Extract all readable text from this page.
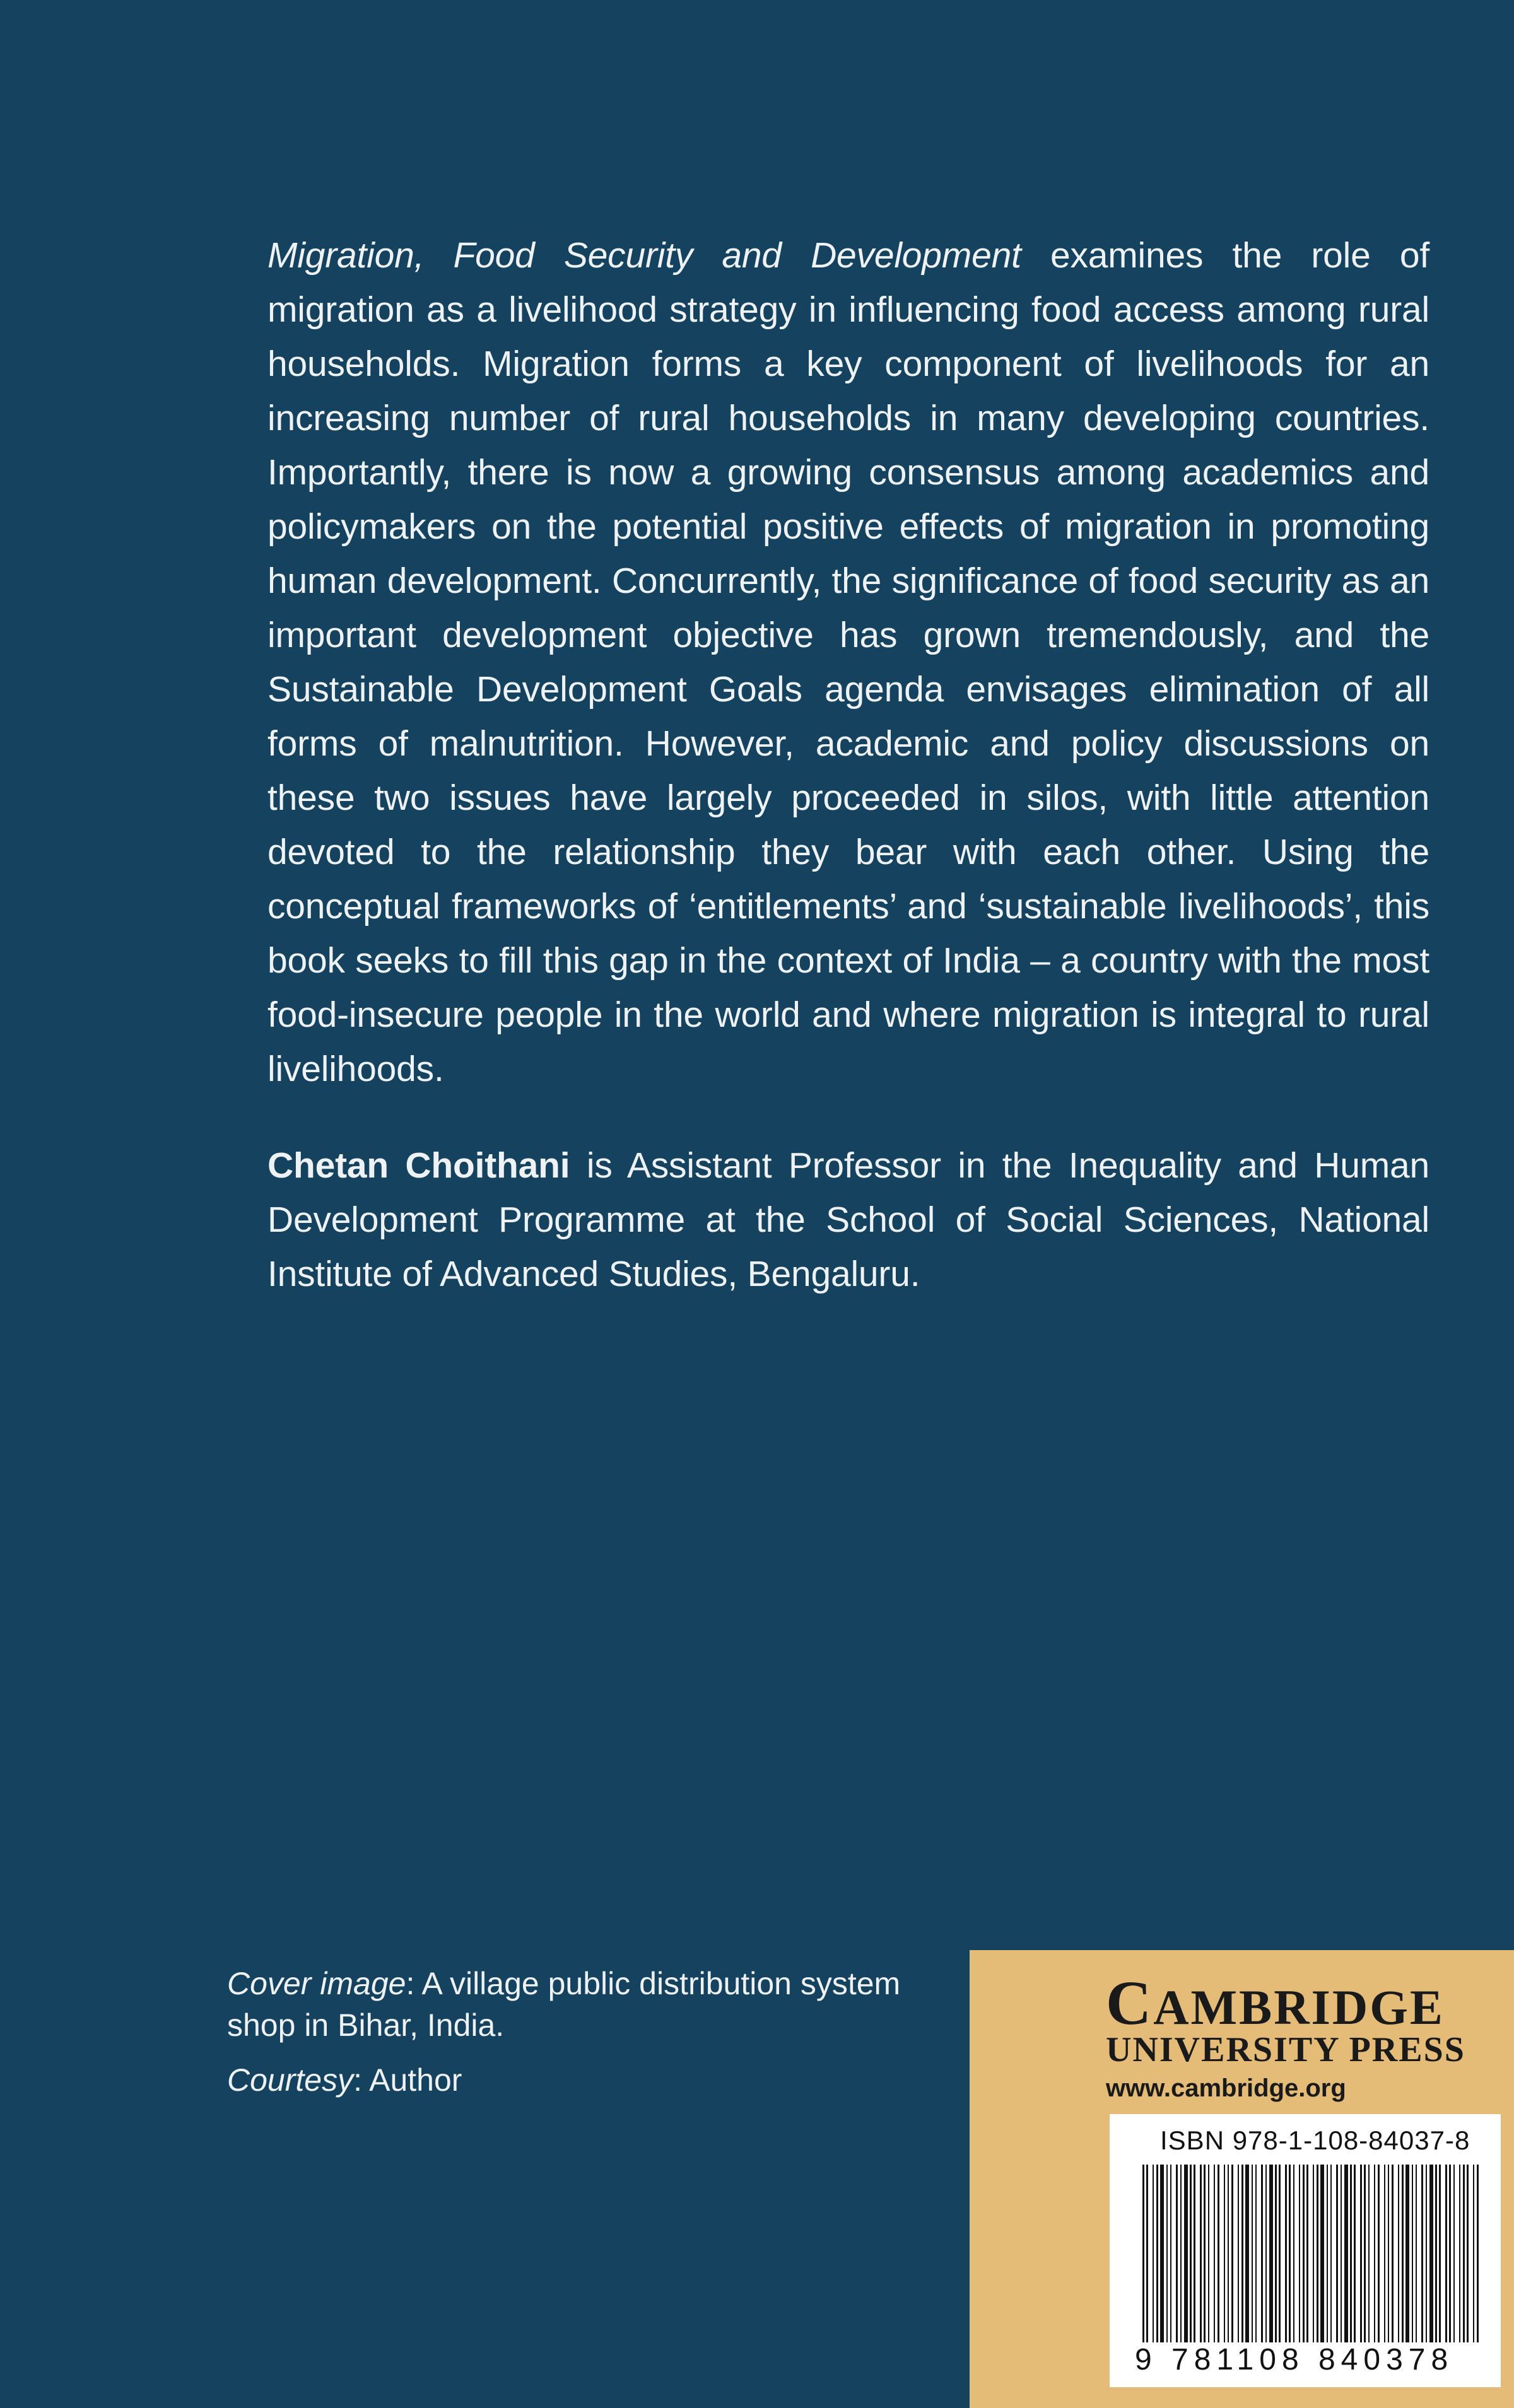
Migration, Food Security and Development examines the role of migration as a livelihood strategy in influencing food access among rural households. Migration forms a key component of livelihoods for an increasing number of rural households in many developing countries. Importantly, there is now a growing consensus among academics and policymakers on the potential positive effects of migration in promoting human development. Concurrently, the significance of food security as an important development objective has grown tremendously, and the Sustainable Development Goals agenda envisages elimination of all forms of malnutrition. However, academic and policy discussions on these two issues have largely proceeded in silos, with little attention devoted to the relationship they bear with each other. Using the conceptual frameworks of ‘entitlements’ and ‘sustainable livelihoods’, this book seeks to fill this gap in the context of India – a country with the most food-insecure people in the world and where migration is integral to rural livelihoods.

Chetan Choithani is Assistant Professor in the Inequality and Human Development Programme at the School of Social Sciences, National Institute of Advanced Studies, Bengaluru.

Cover image: A village public distribution system shop in Bihar, India.
Courtesy: Author
CAMBRIDGE
UNIVERSITY PRESS
www.cambridge.org
ISBN 978-1-108-84037-8
9 781108 840378
